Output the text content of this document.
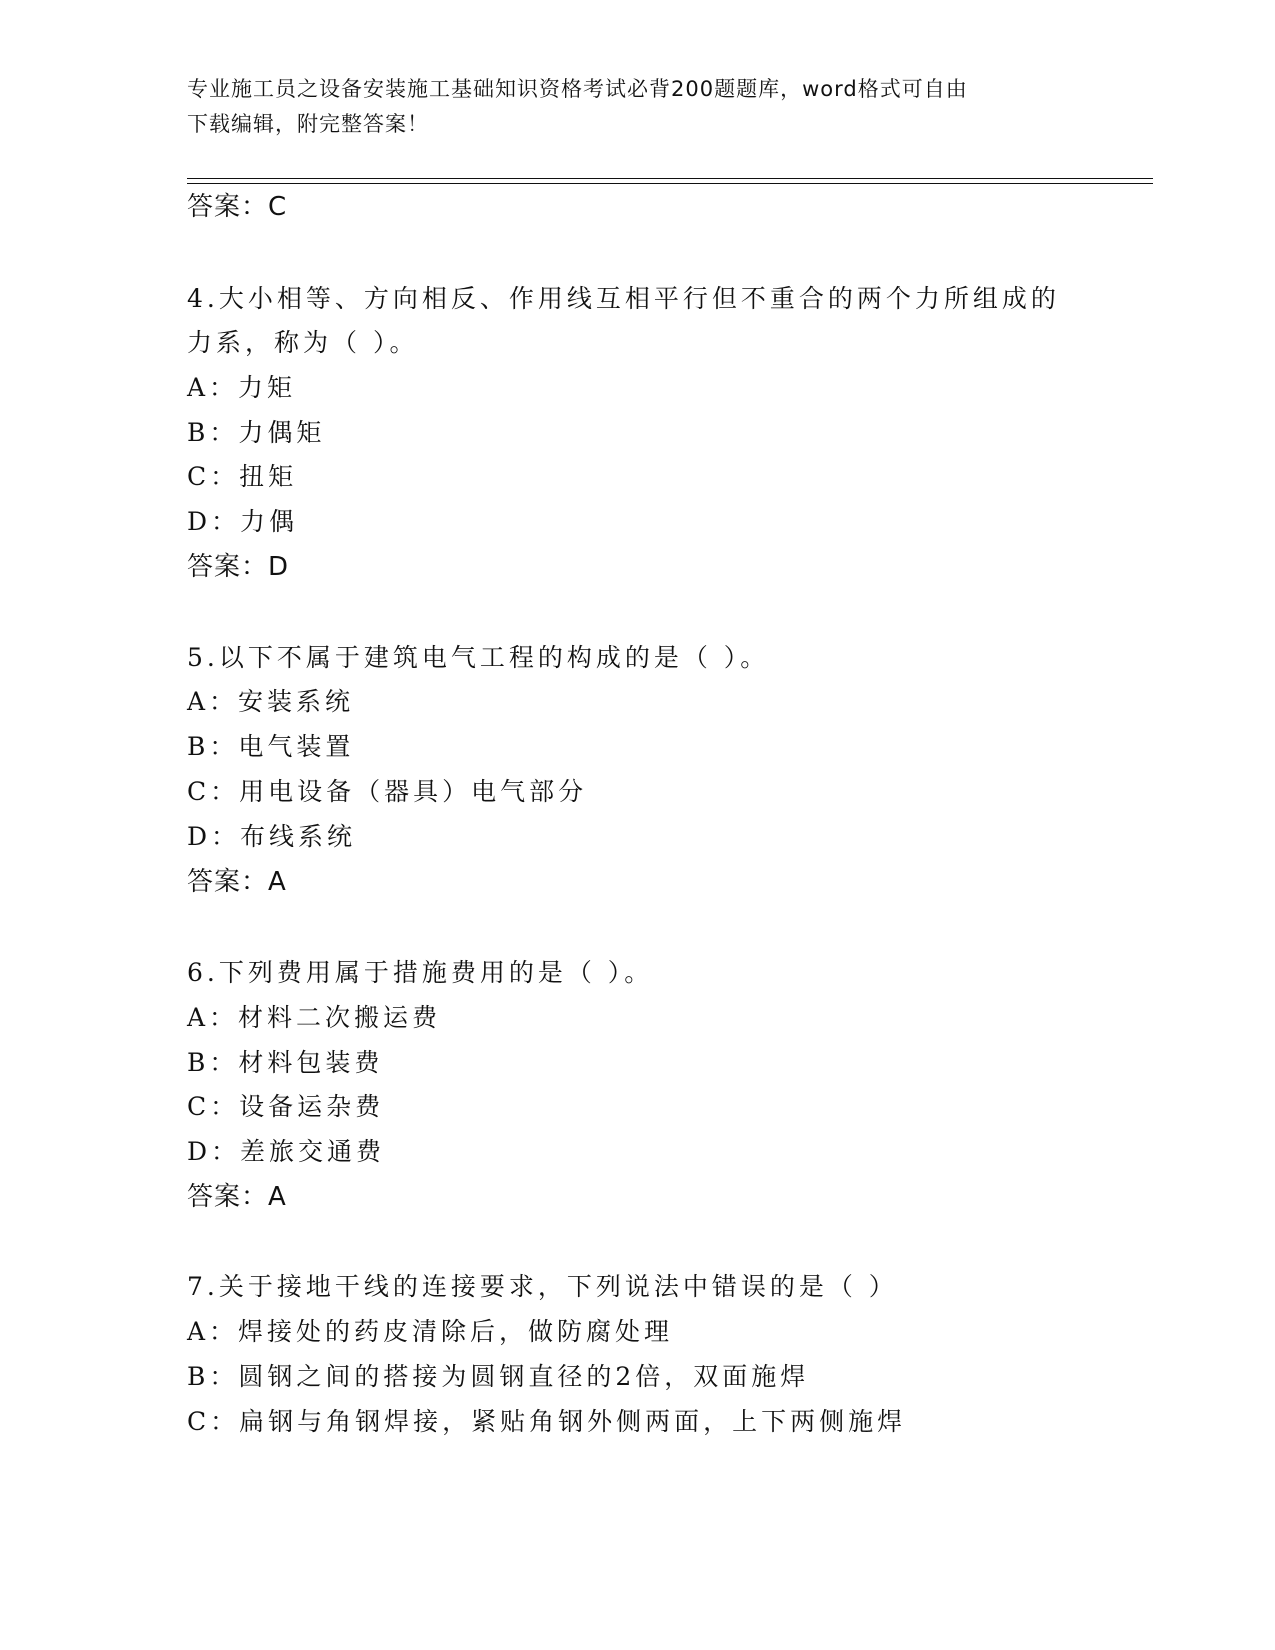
专业施工员之设备安装施工基础知识资格考试必背200题题库，word格式可自由
下载编辑，附完整答案！
答案：C
4.大小相等、方向相反、作用线互相平行但不重合的两个力所组成的
力系，称为（ ）。
A：力矩
B：力偶矩
C：扭矩
D：力偶
答案：D
5.以下不属于建筑电气工程的构成的是（ ）。
A：安装系统
B：电气装置
C：用电设备（器具）电气部分
D：布线系统
答案：A
6.下列费用属于措施费用的是（ ）。
A：材料二次搬运费
B：材料包装费
C：设备运杂费
D：差旅交通费
答案：A
7.关于接地干线的连接要求，下列说法中错误的是（ ）
A：焊接处的药皮清除后，做防腐处理
B：圆钢之间的搭接为圆钢直径的2倍，双面施焊
C：扁钢与角钢焊接，紧贴角钢外侧两面，上下两侧施焊
